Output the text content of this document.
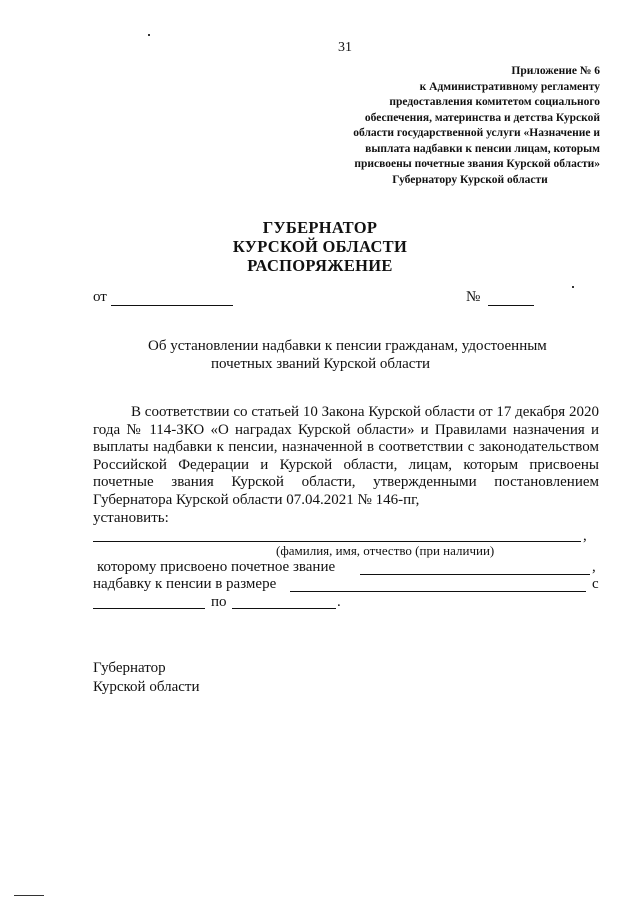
31
Приложение № 6
к Административному регламенту
предоставления комитетом социального
обеспечения, материнства и детства Курской
области государственной услуги «Назначение и
выплата надбавки к пенсии лицам, которым
присвоены почетные звания Курской области»
Губернатору Курской области
ГУБЕРНАТОР
КУРСКОЙ ОБЛАСТИ
РАСПОРЯЖЕНИЕ
от	№
Об установлении надбавки к пенсии гражданам, удостоенным
почетных званий Курской области
В соответствии со статьей 10 Закона Курской области от 17 декабря 2020 года № 114-ЗКО «О наградах Курской области» и Правилами назначения и выплаты надбавки к пенсии, назначенной в соответствии с законодательством Российской Федерации и Курской области, лицам, которым присвоены почетные звания Курской области, утвержденными постановлением Губернатора Курской области 07.04.2021 № 146-пг,
установить:
,
(фамилия, имя, отчество (при наличии)
которому присвоено почетное звание	,
надбавку к пенсии в размере	с
по	.
Губернатор
Курской области
